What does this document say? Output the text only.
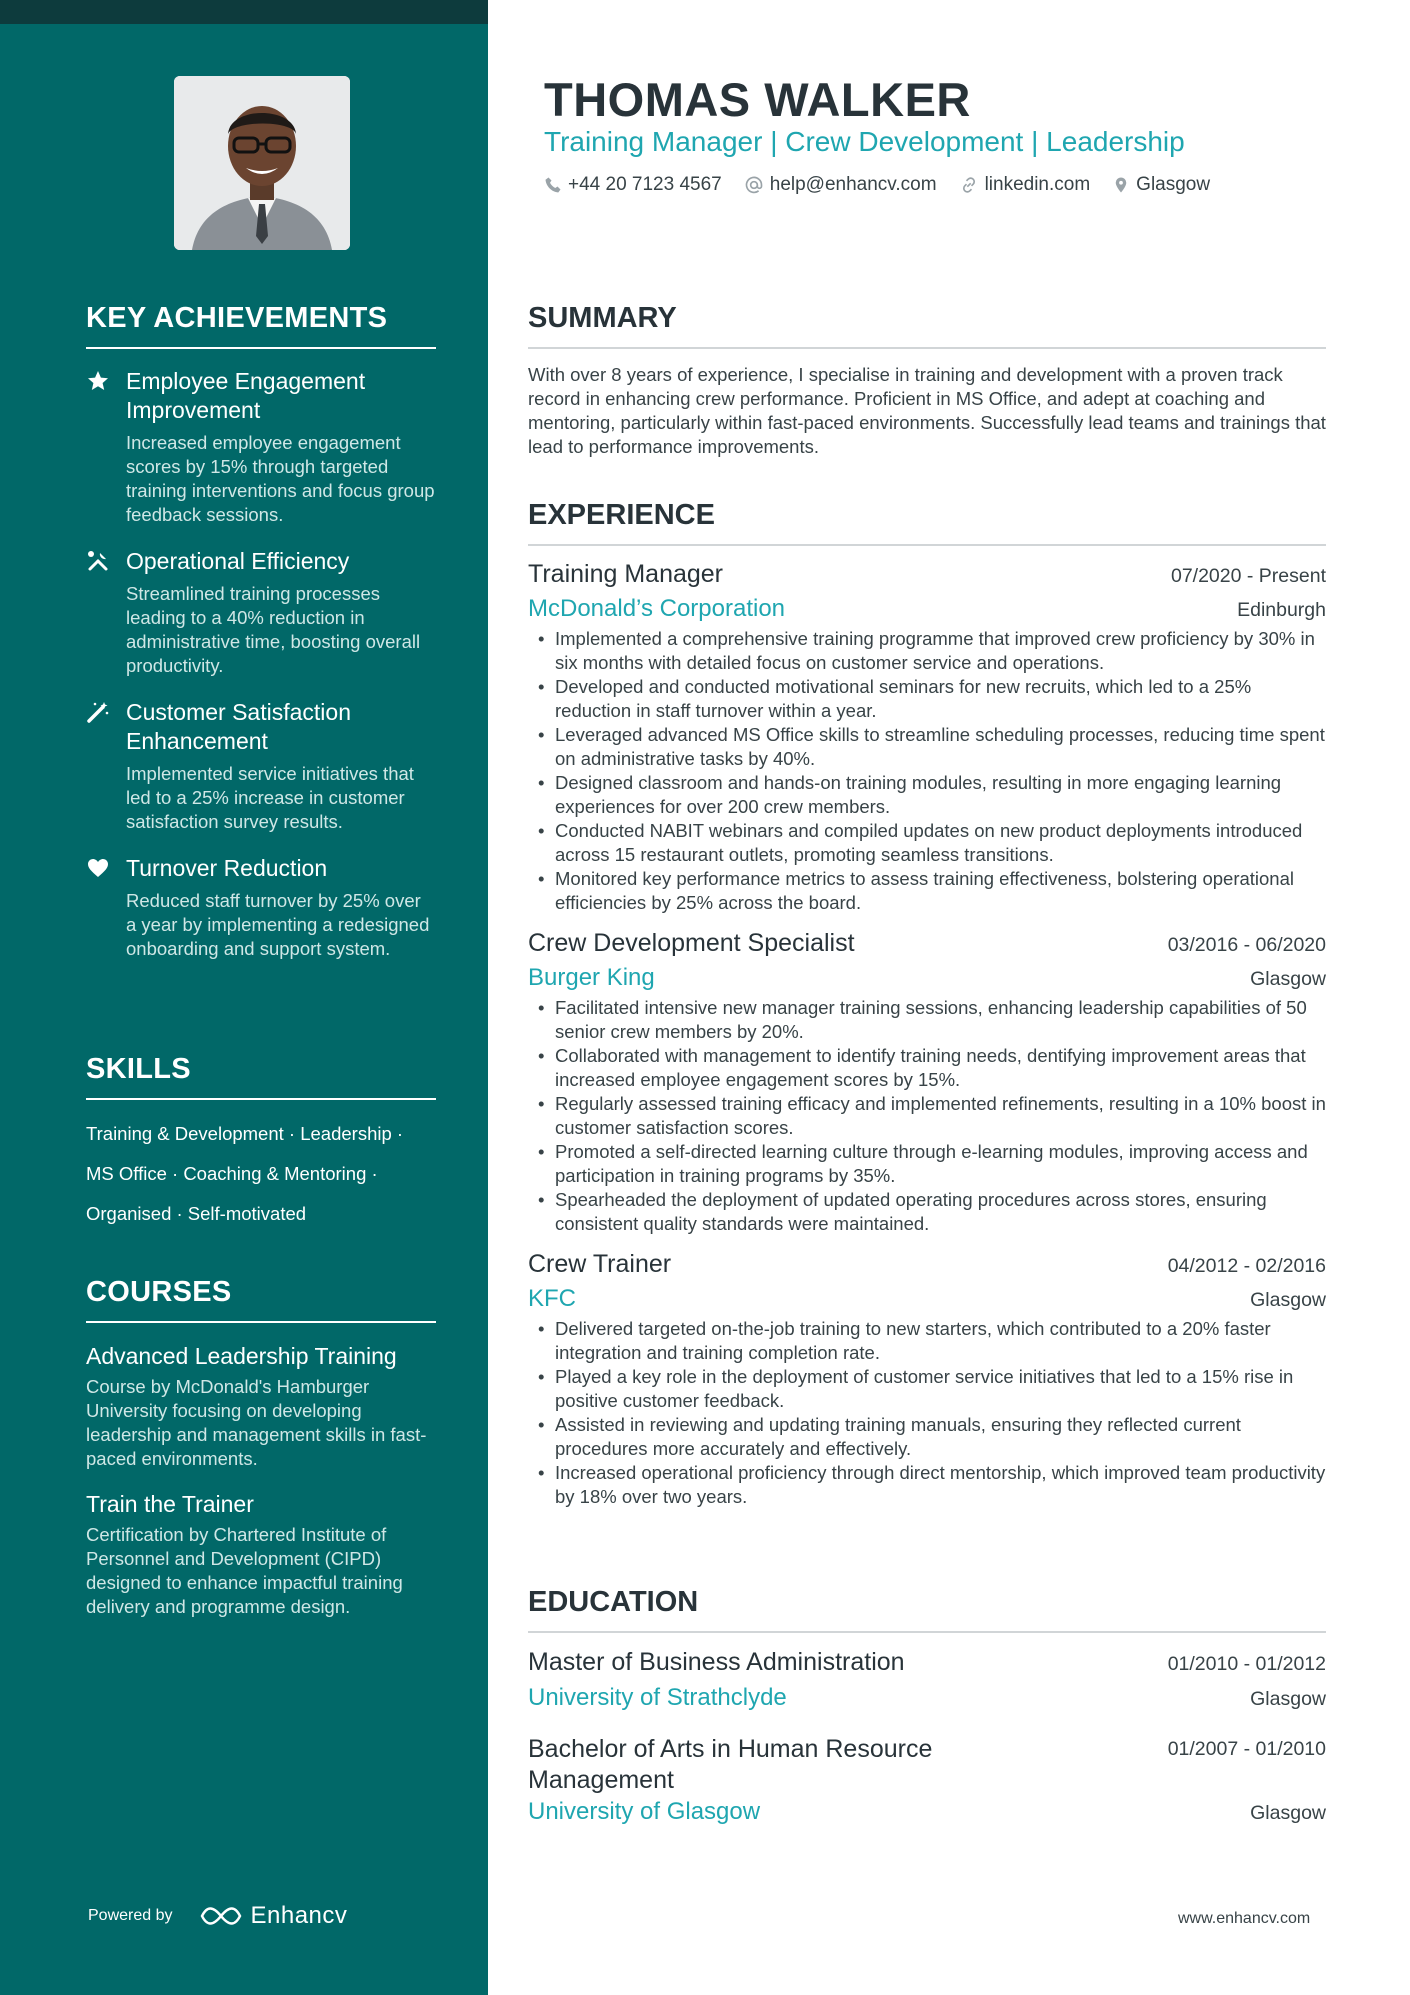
KEY ACHIEVEMENTS
Employee Engagement Improvement
Increased employee engagement scores by 15% through targeted training interventions and focus group feedback sessions.
Operational Efficiency
Streamlined training processes leading to a 40% reduction in administrative time, boosting overall productivity.
Customer Satisfaction Enhancement
Implemented service initiatives that led to a 25% increase in customer satisfaction survey results.
Turnover Reduction
Reduced staff turnover by 25% over a year by implementing a redesigned onboarding and support system.
SKILLS
Training & Development · Leadership ·
MS Office · Coaching & Mentoring ·
Organised · Self-motivated
COURSES
Advanced Leadership Training
Course by McDonald's Hamburger University focusing on developing leadership and management skills in fast-paced environments.
Train the Trainer
Certification by Chartered Institute of Personnel and Development (CIPD) designed to enhance impactful training delivery and programme design.
Powered by	Enhancv
THOMAS WALKER
Training Manager | Crew Development | Leadership
+44 20 7123 4567	help@enhancv.com	linkedin.com Glasgow
SUMMARY

With over 8 years of experience, I specialise in training and development with a proven track record in enhancing crew performance. Proficient in MS Office, and adept at coaching and mentoring, particularly within fast-paced environments. Successfully lead teams and trainings that lead to performance improvements.

EXPERIENCE
Training Manager	07/2020 - Present
McDonald’s Corporation	Edinburgh
• Implemented a comprehensive training programme that improved crew proficiency by 30% in six months with detailed focus on customer service and operations.
• Developed and conducted motivational seminars for new recruits, which led to a 25% reduction in staff turnover within a year.
• Leveraged advanced MS Office skills to streamline scheduling processes, reducing time spent on administrative tasks by 40%.
• Designed classroom and hands-on training modules, resulting in more engaging learning experiences for over 200 crew members.
• Conducted NABIT webinars and compiled updates on new product deployments introduced across 15 restaurant outlets, promoting seamless transitions.
• Monitored key performance metrics to assess training effectiveness, bolstering operational efficiencies by 25% across the board.
Crew Development Specialist	03/2016 - 06/2020
Burger King	Glasgow
• Facilitated intensive new manager training sessions, enhancing leadership capabilities of 50 senior crew members by 20%.
• Collaborated with management to identify training needs, dentifying improvement areas that increased employee engagement scores by 15%.
• Regularly assessed training efficacy and implemented refinements, resulting in a 10% boost in customer satisfaction scores.
• Promoted a self-directed learning culture through e-learning modules, improving access and participation in training programs by 35%.
• Spearheaded the deployment of updated operating procedures across stores, ensuring consistent quality standards were maintained.
Crew Trainer	04/2012 - 02/2016
KFC	Glasgow
• Delivered targeted on-the-job training to new starters, which contributed to a 20% faster integration and training completion rate.
• Played a key role in the deployment of customer service initiatives that led to a 15% rise in positive customer feedback.
• Assisted in reviewing and updating training manuals, ensuring they reflected current procedures more accurately and effectively.
• Increased operational proficiency through direct mentorship, which improved team productivity by 18% over two years.
EDUCATION
Master of Business Administration	01/2010 - 01/2012
University of Strathclyde	Glasgow
Bachelor of Arts in Human Resource Management
01/2007 - 01/2010
University of Glasgow	Glasgow
www.enhancv.com
